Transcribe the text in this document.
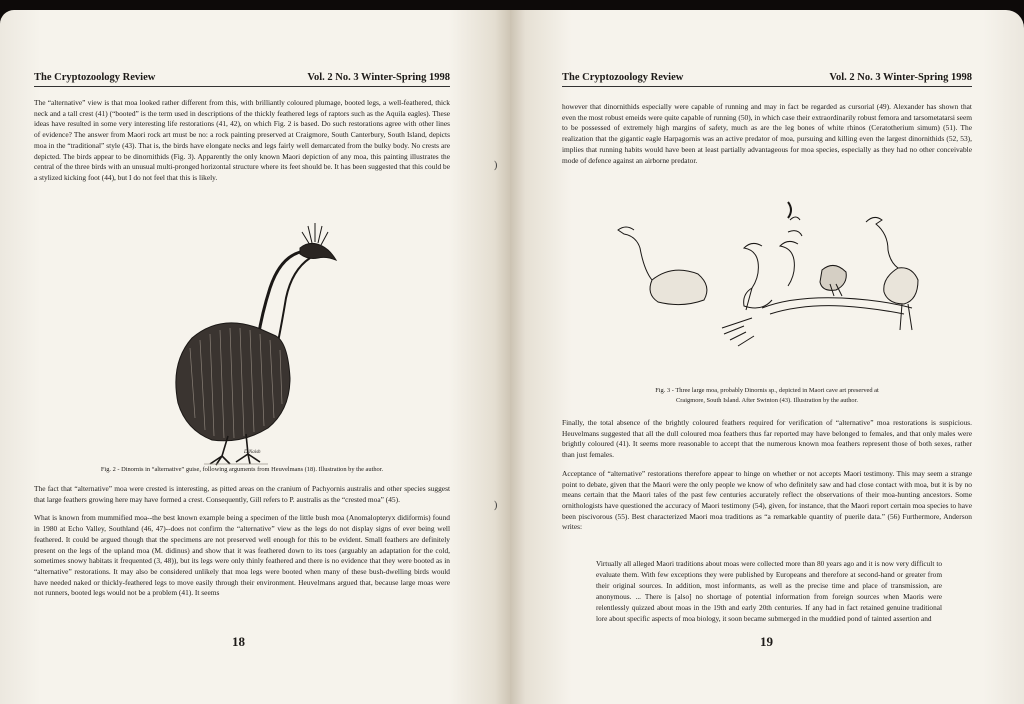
The Cryptozoology Review	Vol. 2 No. 3 Winter-Spring 1998

The “alternative” view is that moa looked rather different from this, with brilliantly coloured plumage, booted legs, a well-feathered, thick neck and a tall crest (41) (“booted” is the term used in descriptions of the thickly feathered legs of raptors such as the Aquila eagles). These ideas have resulted in some very interesting life restorations (41, 42), on which Fig. 2 is based. Do such restorations agree with other lines of evidence? The answer from Maori rock art must be no: a rock painting preserved at Craigmore, South Canterbury, South Island, depicts moa in the “traditional” style (43). That is, the birds have elongate necks and legs fairly well demarcated from the bulky body. No crests are depicted. The birds appear to be dinornithids (Fig. 3). Apparently the only known Maori depiction of any moa, this painting illustrates the central of the three birds with an unusual multi-pronged horizontal structure where its feet should be. It has been suggested that this could be a stylized kicking foot (44), but I do not feel that this is likely.

D.Naish
Fig. 2 - Dinornis in “alternative” guise, following arguments from Heuvelmans (18). Illustration by the author.

The fact that “alternative” moa were crested is interesting, as pitted areas on the cranium of Pachyornis australis and other species suggest that large feathers growing here may have formed a crest. Consequently, Gill refers to P. australis as the “crested moa” (45).

What is known from mummified moa--the best known example being a specimen of the little bush moa (Anomalopteryx didiformis) found in 1980 at Echo Valley, Southland (46, 47)--does not confirm the “alternative” view as the legs do not display signs of ever being well feathered. It could be argued though that the specimens are not preserved well enough for this to be evident. Small feathers are definitely present on the legs of the upland moa (M. didinus) and show that it was feathered down to its toes (arguably an adaptation for the cold, sometimes snowy habitats it frequented (3, 48)), but its legs were only thinly feathered and there is no evidence that they were booted as in “alternative” restorations. It may also be considered unlikely that moa legs were booted when many of these bush-dwelling birds would have needed naked or thickly-feathered legs to move easily through their environment. Heuvelmans argued that, because large moas were not runners, booted legs would not be a problem (41). It seems

18
)
)
The Cryptozoology Review	Vol. 2 No. 3 Winter-Spring 1998

however that dinornithids especially were capable of running and may in fact be regarded as cursorial (49). Alexander has shown that even the most robust emeids were quite capable of running (50), in which case their extraordinarily robust femora and tarsometatarsi seem to be possessed of extremely high margins of safety, much as are the leg bones of white rhinos (Ceratotherium simum) (51). The realization that the gigantic eagle Harpagornis was an active predator of moa, pursuing and killing even the largest dinornithids (52, 53), implies that running habits would have been at least partially advantageous for moa species, especially as they had no other conceivable mode of defence against an airborne predator.

Fig. 3 - Three large moa, probably Dinornis sp., depicted in Maori cave art preserved at
Craigmore, South Island. After Swinton (43). Illustration by the author.

Finally, the total absence of the brightly coloured feathers required for verification of “alternative” moa restorations is suspicious. Heuvelmans suggested that all the dull coloured moa feathers thus far reported may have belonged to females, and that only males were brightly coloured (41). It seems more reasonable to accept that the numerous known moa feathers represent those of both sexes, rather than just females.

Acceptance of “alternative” restorations therefore appear to hinge on whether or not accepts Maori testimony. This may seem a strange point to debate, given that the Maori were the only people we know of who definitely saw and had close contact with moa, but it is by no means certain that the Maori tales of the past few centuries accurately reflect the observations of their moa-hunting ancestors. Some ornithologists have questioned the accuracy of Maori testimony (54), given, for instance, that the Maori report certain moa species to have been piscivorous (55). Best characterized Maori moa traditions as “a remarkable quantity of puerile data.” (56) Furthermore, Anderson writes:

Virtually all alleged Maori traditions about moas were collected more than 80 years ago and it is now very difficult to evaluate them. With few exceptions they were published by Europeans and therefore at second-hand or greater from their original sources. In addition, most informants, as well as the precise time and place of transmission, are anonymous. ... There is [also] no shortage of potential information from foreign sources when Maoris were relentlessly quizzed about moas in the 19th and early 20th centuries. If any had in fact retained genuine traditional lore about specific aspects of moa biology, it soon became submerged in the muddied pond of tainted assertion and
19
